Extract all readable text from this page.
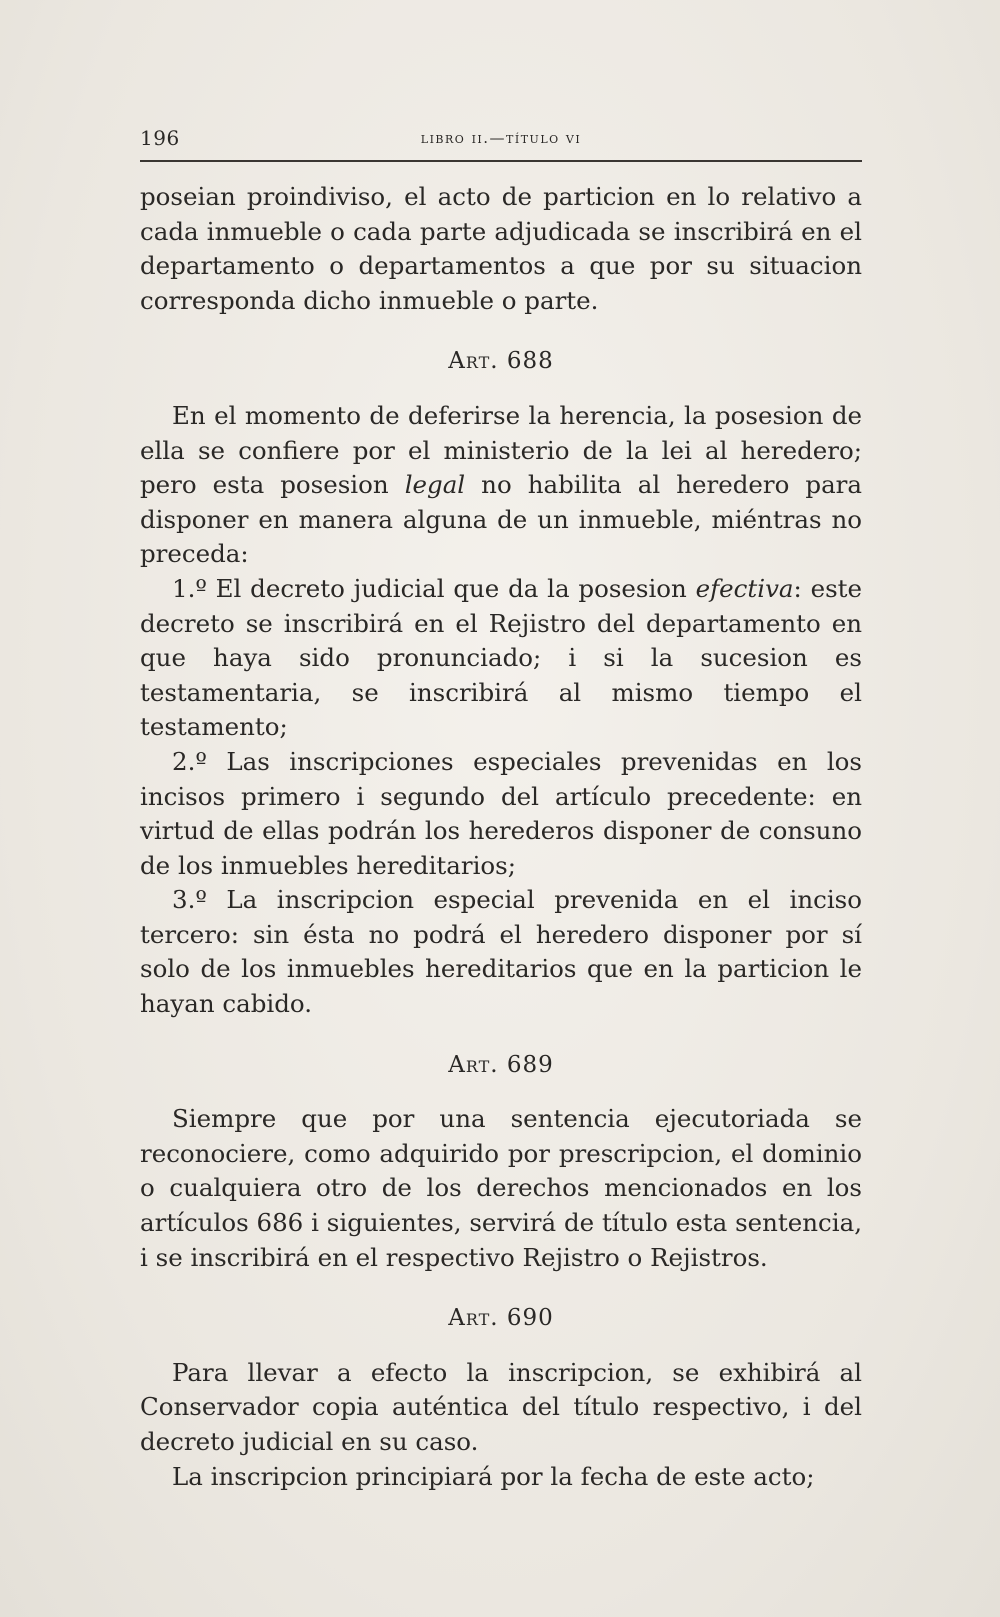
196	libro ii.—título vi

poseian proindiviso, el acto de particion en lo relativo a cada inmueble o cada parte adjudicada se inscribirá en el departamento o departamentos a que por su situacion corresponda dicho inmueble o parte.

Art. 688

En el momento de deferirse la herencia, la posesion de ella se confiere por el ministerio de la lei al heredero; pero esta posesion legal no habilita al heredero para disponer en manera alguna de un inmueble, miéntras no preceda:

1.º El decreto judicial que da la posesion efectiva: este decreto se inscribirá en el Rejistro del departamento en que haya sido pronunciado; i si la sucesion es testamentaria, se inscribirá al mismo tiempo el testamento;

2.º Las inscripciones especiales prevenidas en los incisos primero i segundo del artículo precedente: en virtud de ellas podrán los herederos disponer de consuno de los inmuebles hereditarios;

3.º La inscripcion especial prevenida en el inciso tercero: sin ésta no podrá el heredero disponer por sí solo de los inmuebles hereditarios que en la particion le hayan cabido.

Art. 689

Siempre que por una sentencia ejecutoriada se reconociere, como adquirido por prescripcion, el dominio o cualquiera otro de los derechos mencionados en los artículos 686 i siguientes, servirá de título esta sentencia, i se inscribirá en el respectivo Rejistro o Rejistros.

Art. 690

Para llevar a efecto la inscripcion, se exhibirá al Conservador copia auténtica del título respectivo, i del decreto judicial en su caso.

La inscripcion principiará por la fecha de este acto;
